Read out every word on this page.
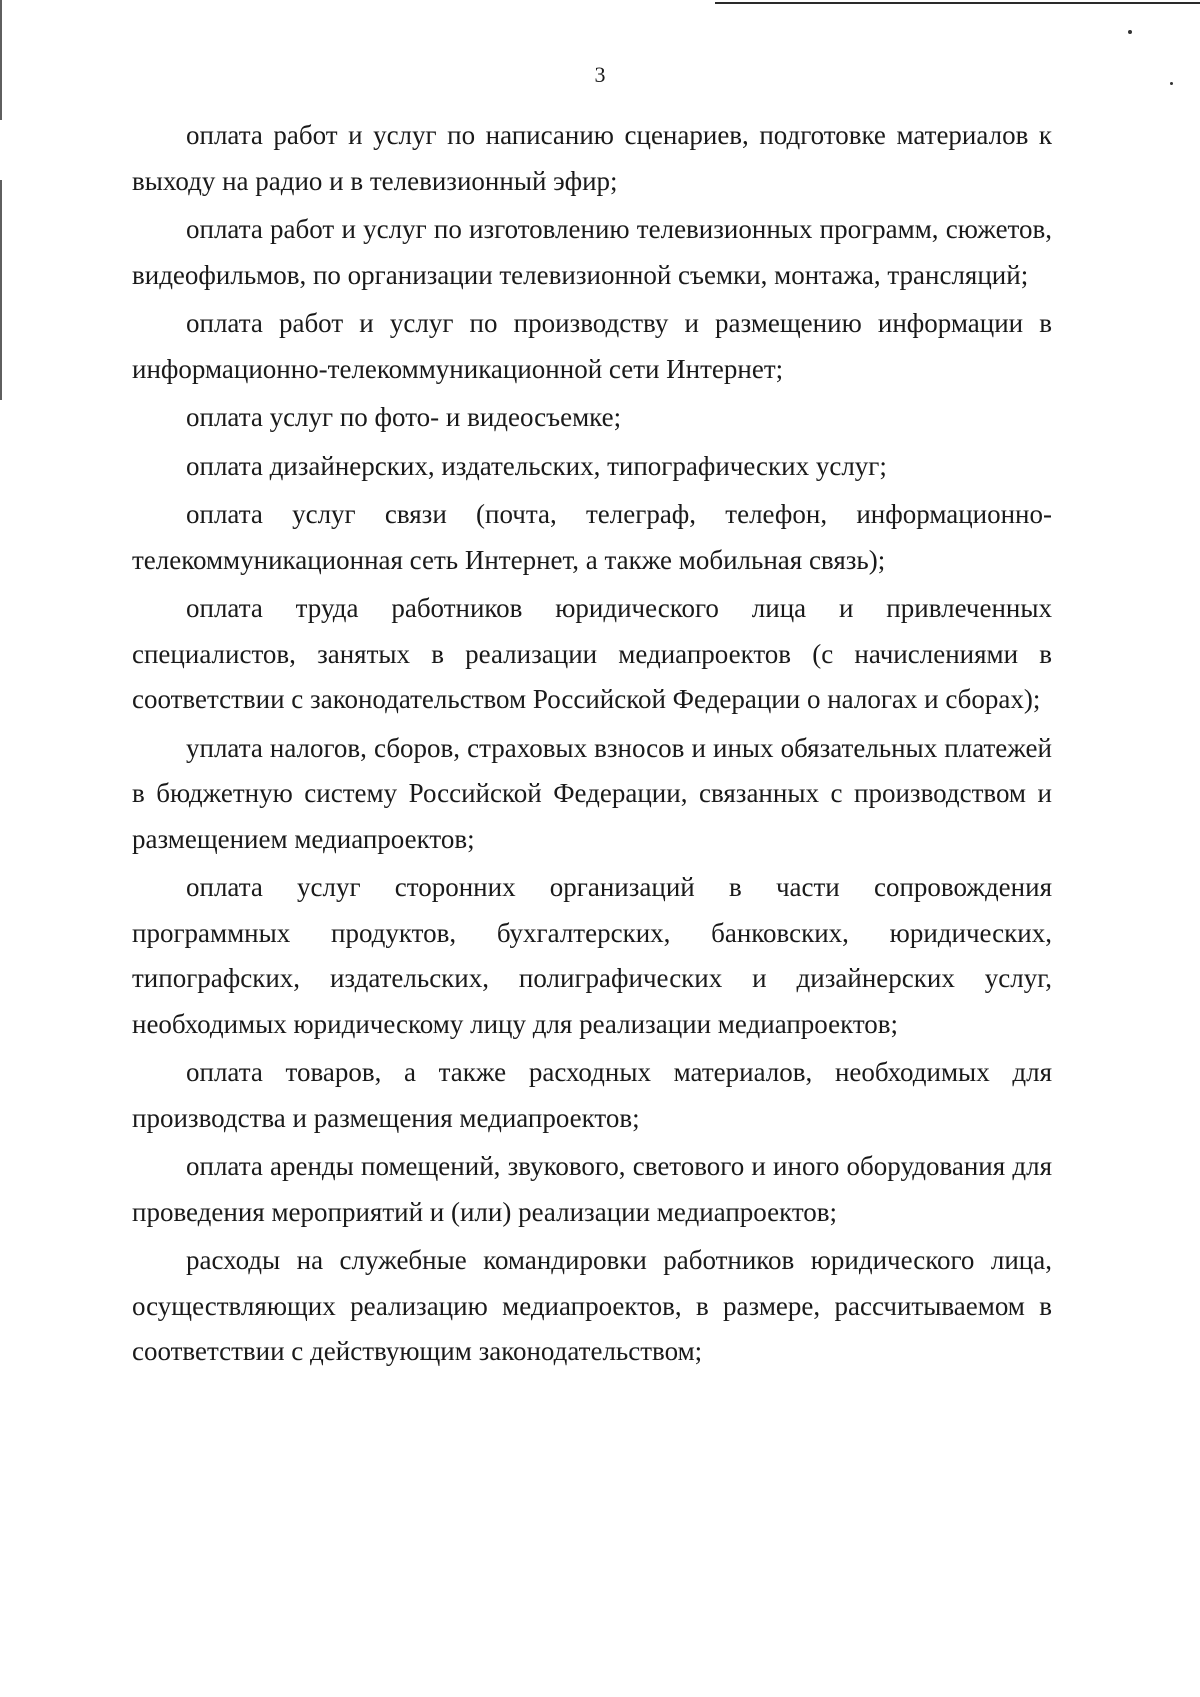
3

оплата работ и услуг по написанию сценариев, подготовке материалов к выходу на радио и в телевизионный эфир;

оплата работ и услуг по изготовлению телевизионных программ, сюжетов, видеофильмов, по организации телевизионной съемки, монтажа, трансляций;

оплата работ и услуг по производству и размещению информации в информационно-телекоммуникационной сети Интернет;

оплата услуг по фото- и видеосъемке;

оплата дизайнерских, издательских, типографических услуг;

оплата услуг связи (почта, телеграф, телефон, информационно-телекоммуникационная сеть Интернет, а также мобильная связь);

оплата труда работников юридического лица и привлеченных специалистов, занятых в реализации медиапроектов (с начислениями в соответствии с законодательством Российской Федерации о налогах и сборах);

уплата налогов, сборов, страховых взносов и иных обязательных платежей в бюджетную систему Российской Федерации, связанных с производством и размещением медиапроектов;

оплата услуг сторонних организаций в части сопровождения программных продуктов, бухгалтерских, банковских, юридических, типографских, издательских, полиграфических и дизайнерских услуг, необходимых юридическому лицу для реализации медиапроектов;

оплата товаров, а также расходных материалов, необходимых для производства и размещения медиапроектов;

оплата аренды помещений, звукового, светового и иного оборудования для проведения мероприятий и (или) реализации медиапроектов;

расходы на служебные командировки работников юридического лица, осуществляющих реализацию медиапроектов, в размере, рассчитываемом в соответствии с действующим законодательством;
